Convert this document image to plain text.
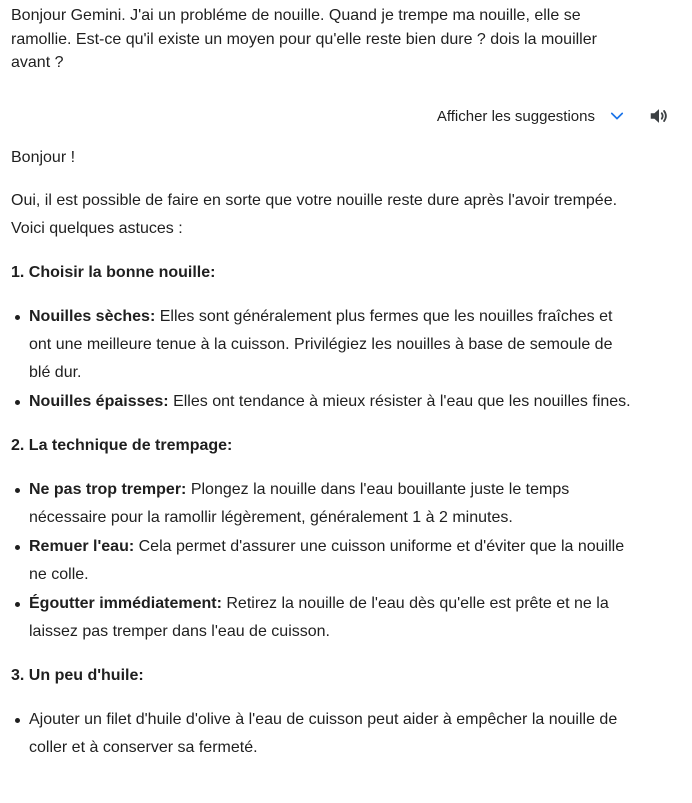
Bonjour Gemini. J'ai un probléme de nouille. Quand je trempe ma nouille, elle se ramollie. Est-ce qu'il existe un moyen pour qu'elle reste bien dure ? dois la mouiller avant ?
Afficher les suggestions

Bonjour !

Oui, il est possible de faire en sorte que votre nouille reste dure après l'avoir trempée. Voici quelques astuces :

1. Choisir la bonne nouille:

Nouilles sèches: Elles sont généralement plus fermes que les nouilles fraîches et ont une meilleure tenue à la cuisson. Privilégiez les nouilles à base de semoule de blé dur.
Nouilles épaisses: Elles ont tendance à mieux résister à l'eau que les nouilles fines.

2. La technique de trempage:

Ne pas trop tremper: Plongez la nouille dans l'eau bouillante juste le temps nécessaire pour la ramollir légèrement, généralement 1 à 2 minutes.
Remuer l'eau: Cela permet d'assurer une cuisson uniforme et d'éviter que la nouille ne colle.
Égoutter immédiatement: Retirez la nouille de l'eau dès qu'elle est prête et ne la laissez pas tremper dans l'eau de cuisson.

3. Un peu d'huile:

Ajouter un filet d'huile d'olive à l'eau de cuisson peut aider à empêcher la nouille de coller et à conserver sa fermeté.
